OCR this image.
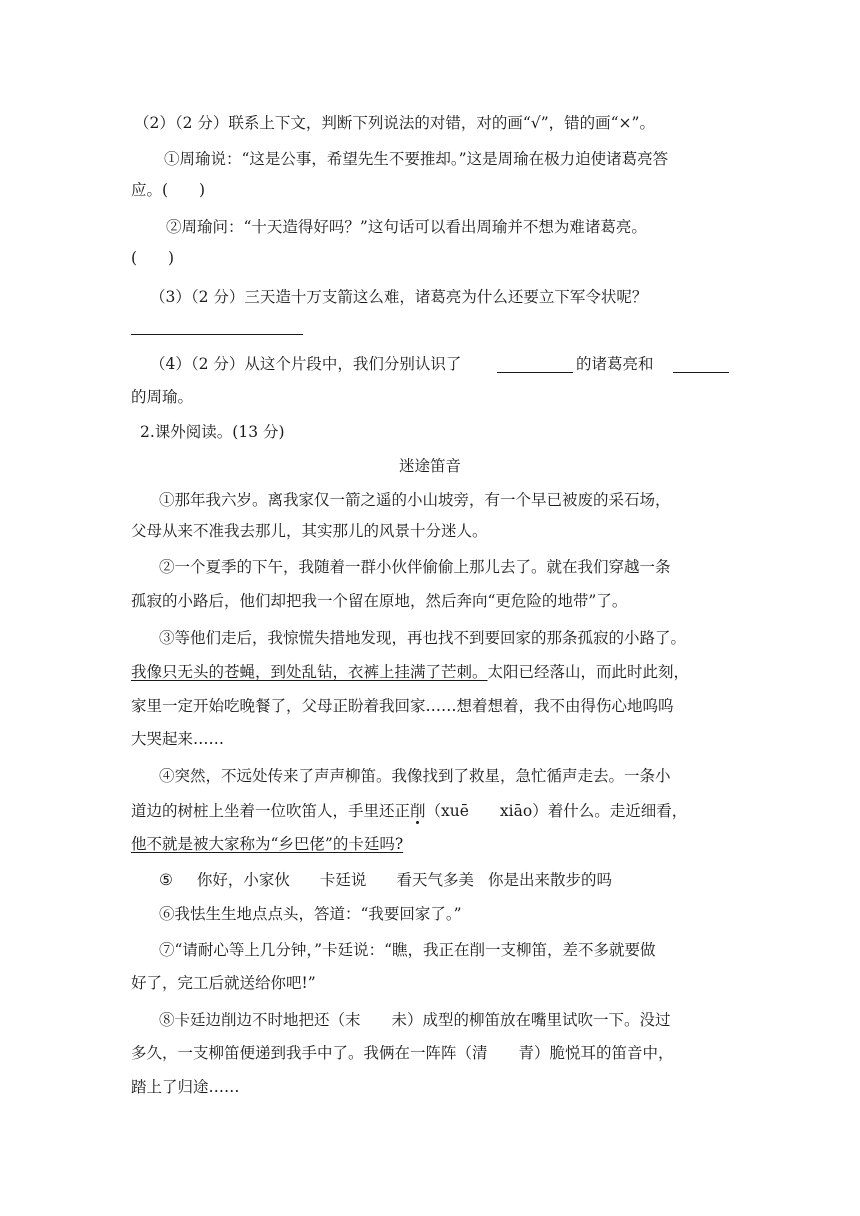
（2）（2 分）联系上下文，判断下列说法的对错，对的画“√”，错的画“×”。
①周瑜说：“这是公事，希望先生不要推却。”这是周瑜在极力迫使诸葛亮答
应。(　　)
②周瑜问：“十天造得好吗？”这句话可以看出周瑜并不想为难诸葛亮。
(　　)
（3）（2 分）三天造十万支箭这么难，诸葛亮为什么还要立下军令状呢？
（4）（2 分）从这个片段中，我们分别认识了	的诸葛亮和
的周瑜。
2.课外阅读。(13 分)
迷途笛音
①那年我六岁。离我家仅一箭之遥的小山坡旁，有一个早已被废的采石场，
父母从来不准我去那儿，其实那儿的风景十分迷人。
②一个夏季的下午，我随着一群小伙伴偷偷上那儿去了。就在我们穿越一条
孤寂的小路后，他们却把我一个留在原地，然后奔向“更危险的地带”了。
③等他们走后，我惊慌失措地发现，再也找不到要回家的那条孤寂的小路了。
我像只无头的苍蝇，到处乱钻，衣裤上挂满了芒刺。太阳已经落山，而此时此刻，
家里一定开始吃晚餐了，父母正盼着我回家……想着想着，我不由得伤心地呜呜
大哭起来……
④突然，不远处传来了声声柳笛。我像找到了救星，急忙循声走去。一条小
道边的树桩上坐着一位吹笛人，手里还正削（xuē　　xiāo）着什么。走近细看，
他不就是被大家称为“乡巴佬”的卡廷吗?
⑤ 你好，小家伙 卡廷说 看天气多美 你是出来散步的吗
⑥我怯生生地点点头，答道：“我要回家了。”
⑦“请耐心等上几分钟，”卡廷说：“瞧，我正在削一支柳笛，差不多就要做
好了，完工后就送给你吧!”
⑧卡廷边削边不时地把还（末　　未）成型的柳笛放在嘴里试吹一下。没过
多久，一支柳笛便递到我手中了。我俩在一阵阵（清　　青）脆悦耳的笛音中，
踏上了归途……
